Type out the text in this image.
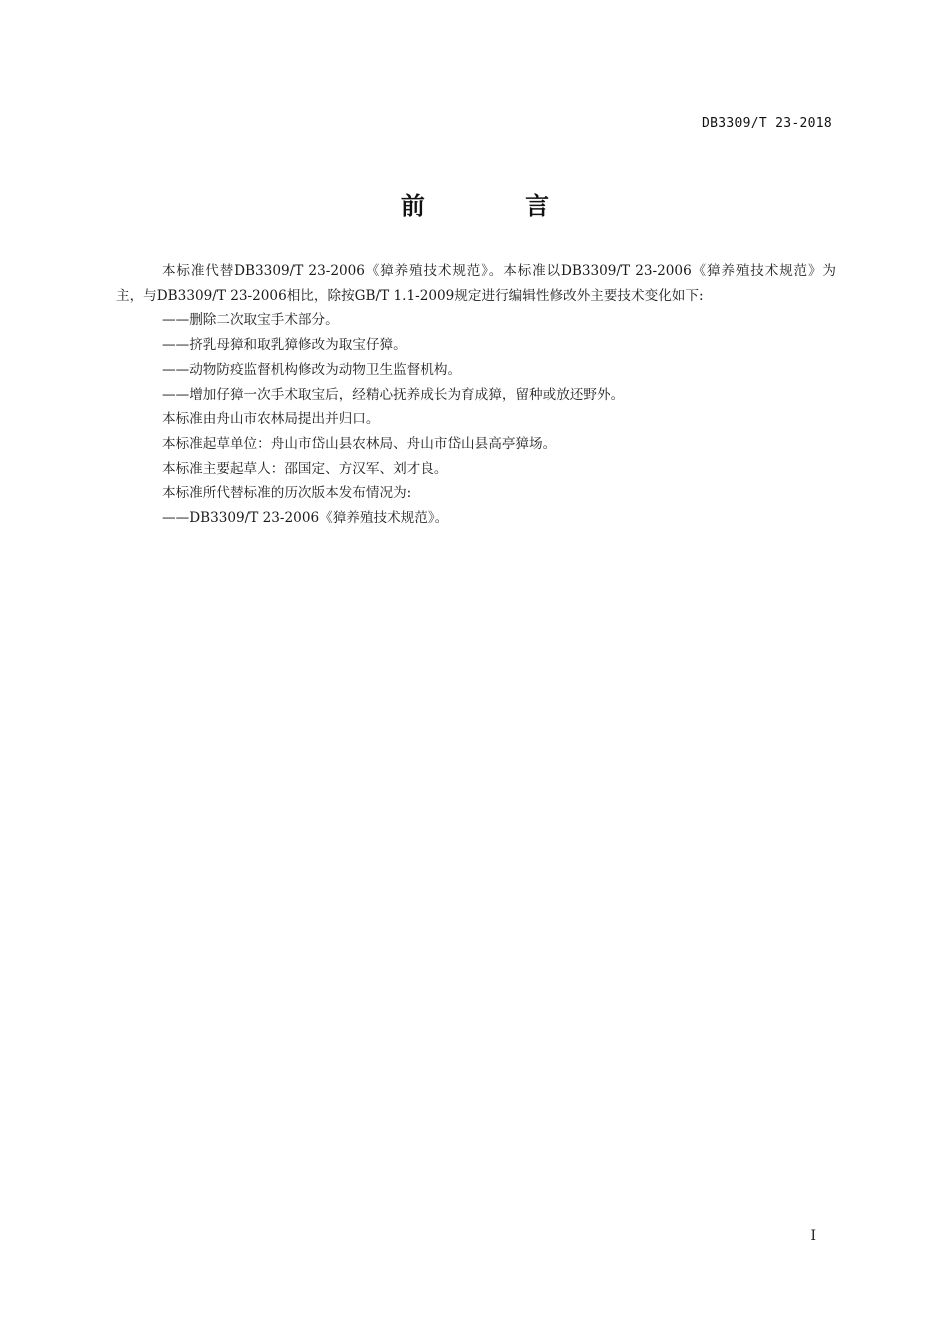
DB3309/T 23-2018
前 言

本标准代替DB3309/T 23-2006《獐养殖技术规范》。本标准以DB3309/T 23-2006《獐养殖技术规范》为主，与DB3309/T 23-2006相比，除按GB/T 1.1-2009规定进行编辑性修改外主要技术变化如下:

——删除二次取宝手术部分。

——挤乳母獐和取乳獐修改为取宝仔獐。

——动物防疫监督机构修改为动物卫生监督机构。

——增加仔獐一次手术取宝后，经精心抚养成长为育成獐，留种或放还野外。

本标准由舟山市农林局提出并归口。

本标准起草单位：舟山市岱山县农林局、舟山市岱山县高亭獐场。

本标准主要起草人：邵国定、方汉军、刘才良。

本标准所代替标准的历次版本发布情况为:

——DB3309/T 23-2006《獐养殖技术规范》。

I
